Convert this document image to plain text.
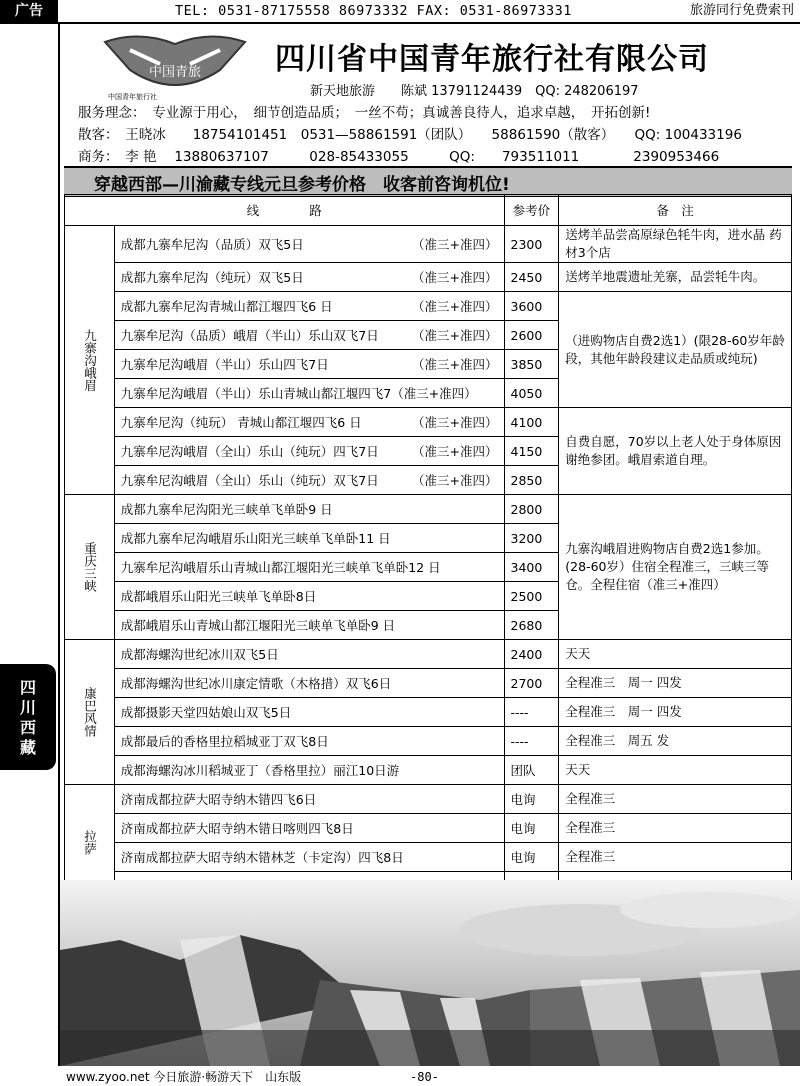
广告	TEL: 0531-87175558 86973332 FAX: 0531-86973331	旅游同行免费索刊
中国青旅
中国青年旅行社
四川省中国青年旅行社有限公司
新天地旅游　　陈斌 13791124439　QQ: 248206197
服务理念：　专业源于用心，　细节创造品质；　一丝不苟；真诚善良待人，追求卓越，　开拓创新!
散客：　王晓冰　　18754101451　0531—58861591（团队）　　58861590（散客）　　QQ: 100433196
商务：　李 艳　 13880637107　　　028-85433055　　　QQ:　　793511011　　　　2390953466
穿越西部—川渝藏专线元旦参考价格　收客前咨询机位!
线　　　　路		参考价	备　注
九寨沟峨眉	成都九寨牟尼沟（品质）双飞5日 （准三+准四）	2300	送烤羊品尝高原绿色牦牛肉，进水晶 药材3个店

	成都九寨牟尼沟（纯玩）双飞5日 （准三+准四）	2450	送烤羊地震遗址羌寨，品尝牦牛肉。

	成都九寨牟尼沟青城山都江堰四飞6 日 （准三+准四）	3600	（进购物店自费2选1）(限28-60岁年龄段，其他年龄段建议走品质或纯玩)

	九寨牟尼沟（品质）峨眉（半山）乐山双飞7日 （准三+准四）	2600	

	九寨牟尼沟峨眉（半山）乐山四飞7日 （准三+准四）	3850	

	九寨牟尼沟峨眉（半山）乐山青城山都江堰四飞7（准三+准四）	4050	

	九寨牟尼沟（纯玩） 青城山都江堰四飞6 日 （准三+准四）	4100	自费自愿，70岁以上老人处于身体原因谢绝参团。峨眉索道自理。

	九寨牟尼沟峨眉（全山）乐山（纯玩）四飞7日 （准三+准四）	4150	

	九寨牟尼沟峨眉（全山）乐山（纯玩）双飞7日 （准三+准四）	2850	
重庆三峡	成都九寨牟尼沟阳光三峡单飞单卧9 日	2800	九寨沟峨眉进购物店自费2选1参加。(28-60岁）住宿全程准三，三峡三等仓。全程住宿（准三+准四）

	成都九寨牟尼沟峨眉乐山阳光三峡单飞单卧11 日	3200	

	九寨牟尼沟峨眉乐山青城山都江堰阳光三峡单飞单卧12 日	3400	

	成都峨眉乐山阳光三峡单飞单卧8日	2500	

	成都峨眉乐山青城山都江堰阳光三峡单飞单卧9 日	2680	
康巴风情	成都海螺沟世纪冰川双飞5日	2400	天天

	成都海螺沟世纪冰川康定情歌（木格措）双飞6日	2700	全程准三　周一 四发

	成都摄影天堂四姑娘山双飞5日	----	全程准三　周一 四发

	成都最后的香格里拉稻城亚丁双飞8日	----	全程准三　周五 发

	成都海螺沟冰川稻城亚丁（香格里拉）丽江10日游	团队	天天
拉萨	济南成都拉萨大昭寺纳木错四飞6日	电询	全程准三

	济南成都拉萨大昭寺纳木错日喀则四飞8日	电询	全程准三

	济南成都拉萨大昭寺纳木错林芝（卡定沟）四飞8日	电询	全程准三

四川西藏
www.zyoo.net 今日旅游·畅游天下　山东版	-80-
